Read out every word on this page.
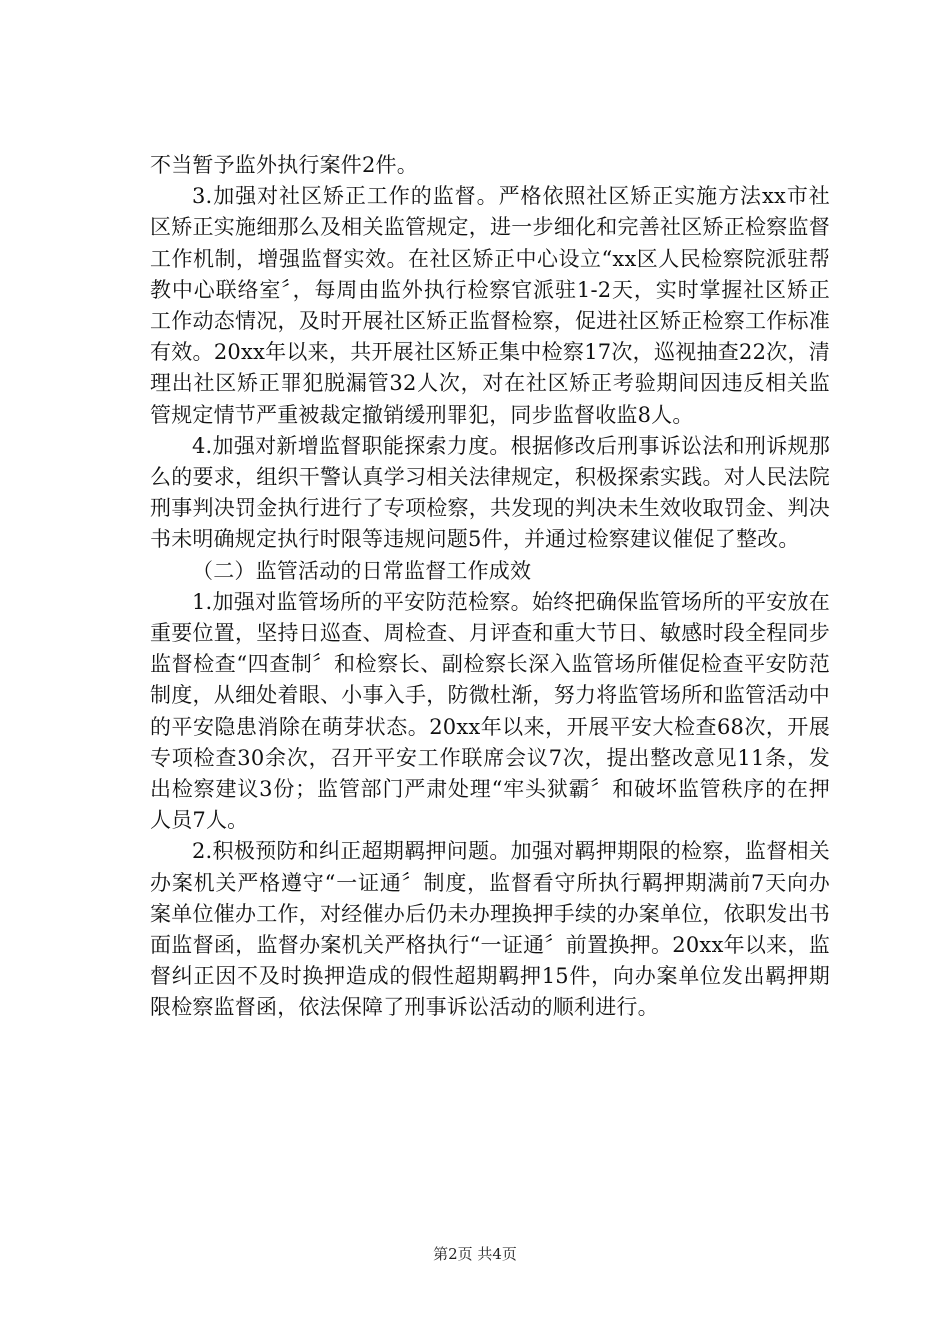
不当暂予监外执行案件2件。

3.加强对社区矫正工作的监督。严格依照社区矫正实施方法xx市社区矫正实施细那么及相关监管规定，进一步细化和完善社区矫正检察监督工作机制，增强监督实效。在社区矫正中心设立“xx区人民检察院派驻帮教中心联络室〞，每周由监外执行检察官派驻1-2天，实时掌握社区矫正工作动态情况，及时开展社区矫正监督检察，促进社区矫正检察工作标准有效。20xx年以来，共开展社区矫正集中检察17次，巡视抽查22次，清理出社区矫正罪犯脱漏管32人次，对在社区矫正考验期间因违反相关监管规定情节严重被裁定撤销缓刑罪犯，同步监督收监8人。

4.加强对新增监督职能探索力度。根据修改后刑事诉讼法和刑诉规那么的要求，组织干警认真学习相关法律规定，积极探索实践。对人民法院刑事判决罚金执行进行了专项检察，共发现的判决未生效收取罚金、判决书未明确规定执行时限等违规问题5件，并通过检察建议催促了整改。

（二）监管活动的日常监督工作成效

1.加强对监管场所的平安防范检察。始终把确保监管场所的平安放在重要位置，坚持日巡查、周检查、月评查和重大节日、敏感时段全程同步监督检查“四查制〞和检察长、副检察长深入监管场所催促检查平安防范制度，从细处着眼、小事入手，防微杜渐，努力将监管场所和监管活动中的平安隐患消除在萌芽状态。20xx年以来，开展平安大检查68次，开展专项检查30余次，召开平安工作联席会议7次，提出整改意见11条，发出检察建议3份；监管部门严肃处理“牢头狱霸〞和破坏监管秩序的在押人员7人。

2.积极预防和纠正超期羁押问题。加强对羁押期限的检察，监督相关办案机关严格遵守“一证通〞制度，监督看守所执行羁押期满前7天向办案单位催办工作，对经催办后仍未办理换押手续的办案单位，依职发出书面监督函，监督办案机关严格执行“一证通〞前置换押。20xx年以来，监督纠正因不及时换押造成的假性超期羁押15件，向办案单位发出羁押期限检察监督函，依法保障了刑事诉讼活动的顺利进行。

第2页 共4页
